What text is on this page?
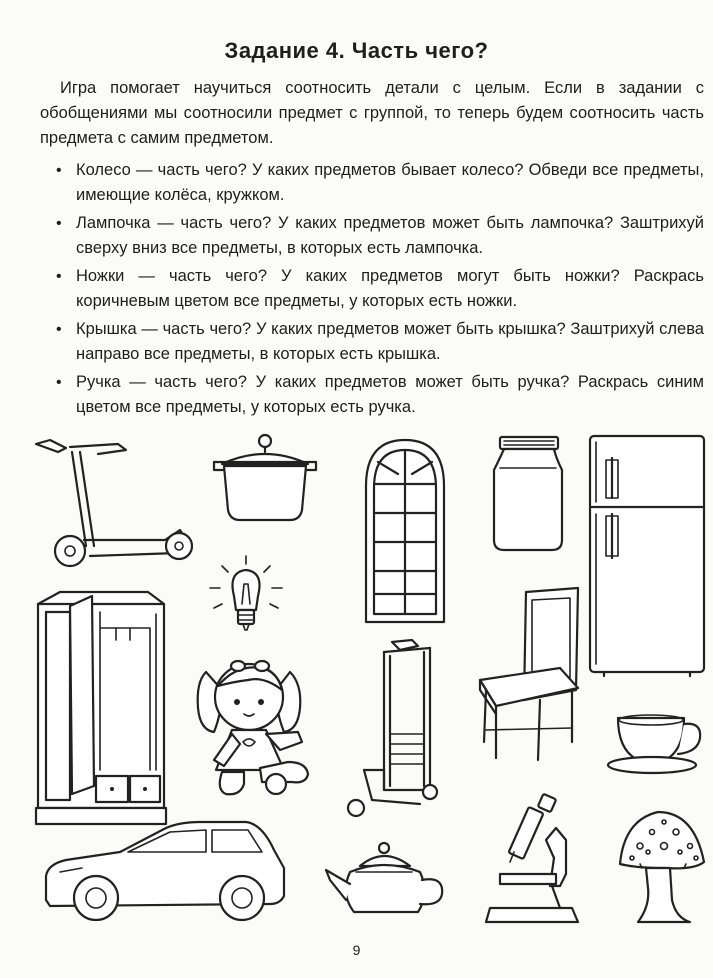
Задание 4. Часть чего?
Игра помогает научиться соотносить детали с целым. Если в задании с обобщениями мы соотносили предмет с группой, то теперь будем соотносить часть предмета с самим предметом.
• Колесо — часть чего? У каких предметов бывает колесо? Обведи все предметы, имеющие колёса, кружком.
• Лампочка — часть чего? У каких предметов может быть лампочка? Заштрихуй сверху вниз все предметы, в которых есть лампочка.
• Ножки — часть чего? У каких предметов могут быть ножки? Раскрась коричневым цветом все предметы, у которых есть ножки.
• Крышка — часть чего? У каких предметов может быть крышка? Заштрихуй слева направо все предметы, в которых есть крышка.
• Ручка — часть чего? У каких предметов может быть ручка? Раскрась синим цветом все предметы, у которых есть ручка.
9
